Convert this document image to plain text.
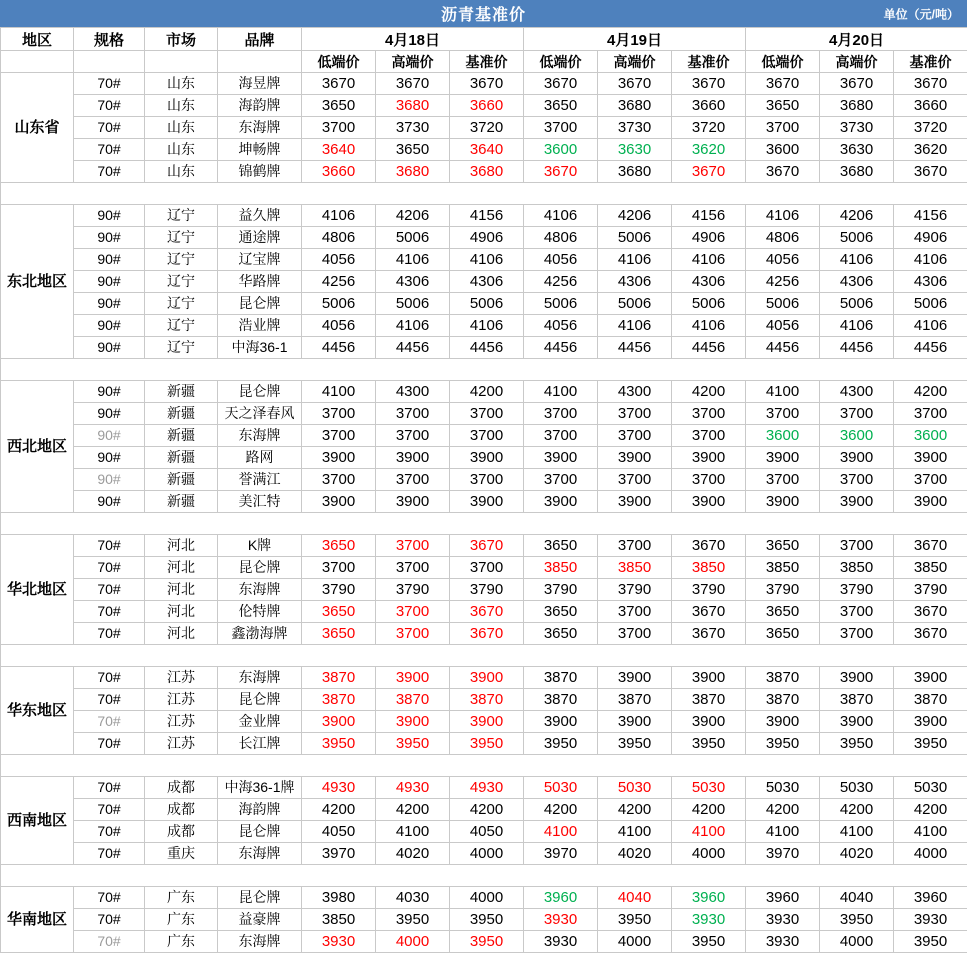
沥青基准价	单位（元/吨）
地区	规格	市场	品牌	4月18日			4月19日			4月20日		
				低端价	高端价	基准价	低端价	高端价	基准价	低端价	高端价	基准价
山东省	70#	山东	海昱牌	3670	3670	3670	3670	3670	3670	3670	3670	3670
	70#	山东	海韵牌	3650	3680	3660	3650	3680	3660	3650	3680	3660
	70#	山东	东海牌	3700	3730	3720	3700	3730	3720	3700	3730	3720
	70#	山东	坤畅牌	3640	3650	3640	3600	3630	3620	3600	3630	3620
	70#	山东	锦鹤牌	3660	3680	3680	3670	3680	3670	3670	3680	3670

东北地区	90#	辽宁	益久牌	4106	4206	4156	4106	4206	4156	4106	4206	4156
	90#	辽宁	通途牌	4806	5006	4906	4806	5006	4906	4806	5006	4906
	90#	辽宁	辽宝牌	4056	4106	4106	4056	4106	4106	4056	4106	4106
	90#	辽宁	华路牌	4256	4306	4306	4256	4306	4306	4256	4306	4306
	90#	辽宁	昆仑牌	5006	5006	5006	5006	5006	5006	5006	5006	5006
	90#	辽宁	浩业牌	4056	4106	4106	4056	4106	4106	4056	4106	4106
	90#	辽宁	中海36-1	4456	4456	4456	4456	4456	4456	4456	4456	4456

西北地区	90#	新疆	昆仑牌	4100	4300	4200	4100	4300	4200	4100	4300	4200
	90#	新疆	天之泽春风	3700	3700	3700	3700	3700	3700	3700	3700	3700
	90#	新疆	东海牌	3700	3700	3700	3700	3700	3700	3600	3600	3600
	90#	新疆	路网	3900	3900	3900	3900	3900	3900	3900	3900	3900
	90#	新疆	誉满江	3700	3700	3700	3700	3700	3700	3700	3700	3700
	90#	新疆	美汇特	3900	3900	3900	3900	3900	3900	3900	3900	3900

华北地区	70#	河北	K牌	3650	3700	3670	3650	3700	3670	3650	3700	3670
	70#	河北	昆仑牌	3700	3700	3700	3850	3850	3850	3850	3850	3850
	70#	河北	东海牌	3790	3790	3790	3790	3790	3790	3790	3790	3790
	70#	河北	伦特牌	3650	3700	3670	3650	3700	3670	3650	3700	3670
	70#	河北	鑫渤海牌	3650	3700	3670	3650	3700	3670	3650	3700	3670

华东地区	70#	江苏	东海牌	3870	3900	3900	3870	3900	3900	3870	3900	3900
	70#	江苏	昆仑牌	3870	3870	3870	3870	3870	3870	3870	3870	3870
	70#	江苏	金业牌	3900	3900	3900	3900	3900	3900	3900	3900	3900
	70#	江苏	长江牌	3950	3950	3950	3950	3950	3950	3950	3950	3950

西南地区	70#	成都	中海36-1牌	4930	4930	4930	5030	5030	5030	5030	5030	5030
	70#	成都	海韵牌	4200	4200	4200	4200	4200	4200	4200	4200	4200
	70#	成都	昆仑牌	4050	4100	4050	4100	4100	4100	4100	4100	4100
	70#	重庆	东海牌	3970	4020	4000	3970	4020	4000	3970	4020	4000

华南地区	70#	广东	昆仑牌	3980	4030	4000	3960	4040	3960	3960	4040	3960
	70#	广东	益豪牌	3850	3950	3950	3930	3950	3930	3930	3950	3930
	70#	广东	东海牌	3930	4000	3950	3930	4000	3950	3930	4000	3950
